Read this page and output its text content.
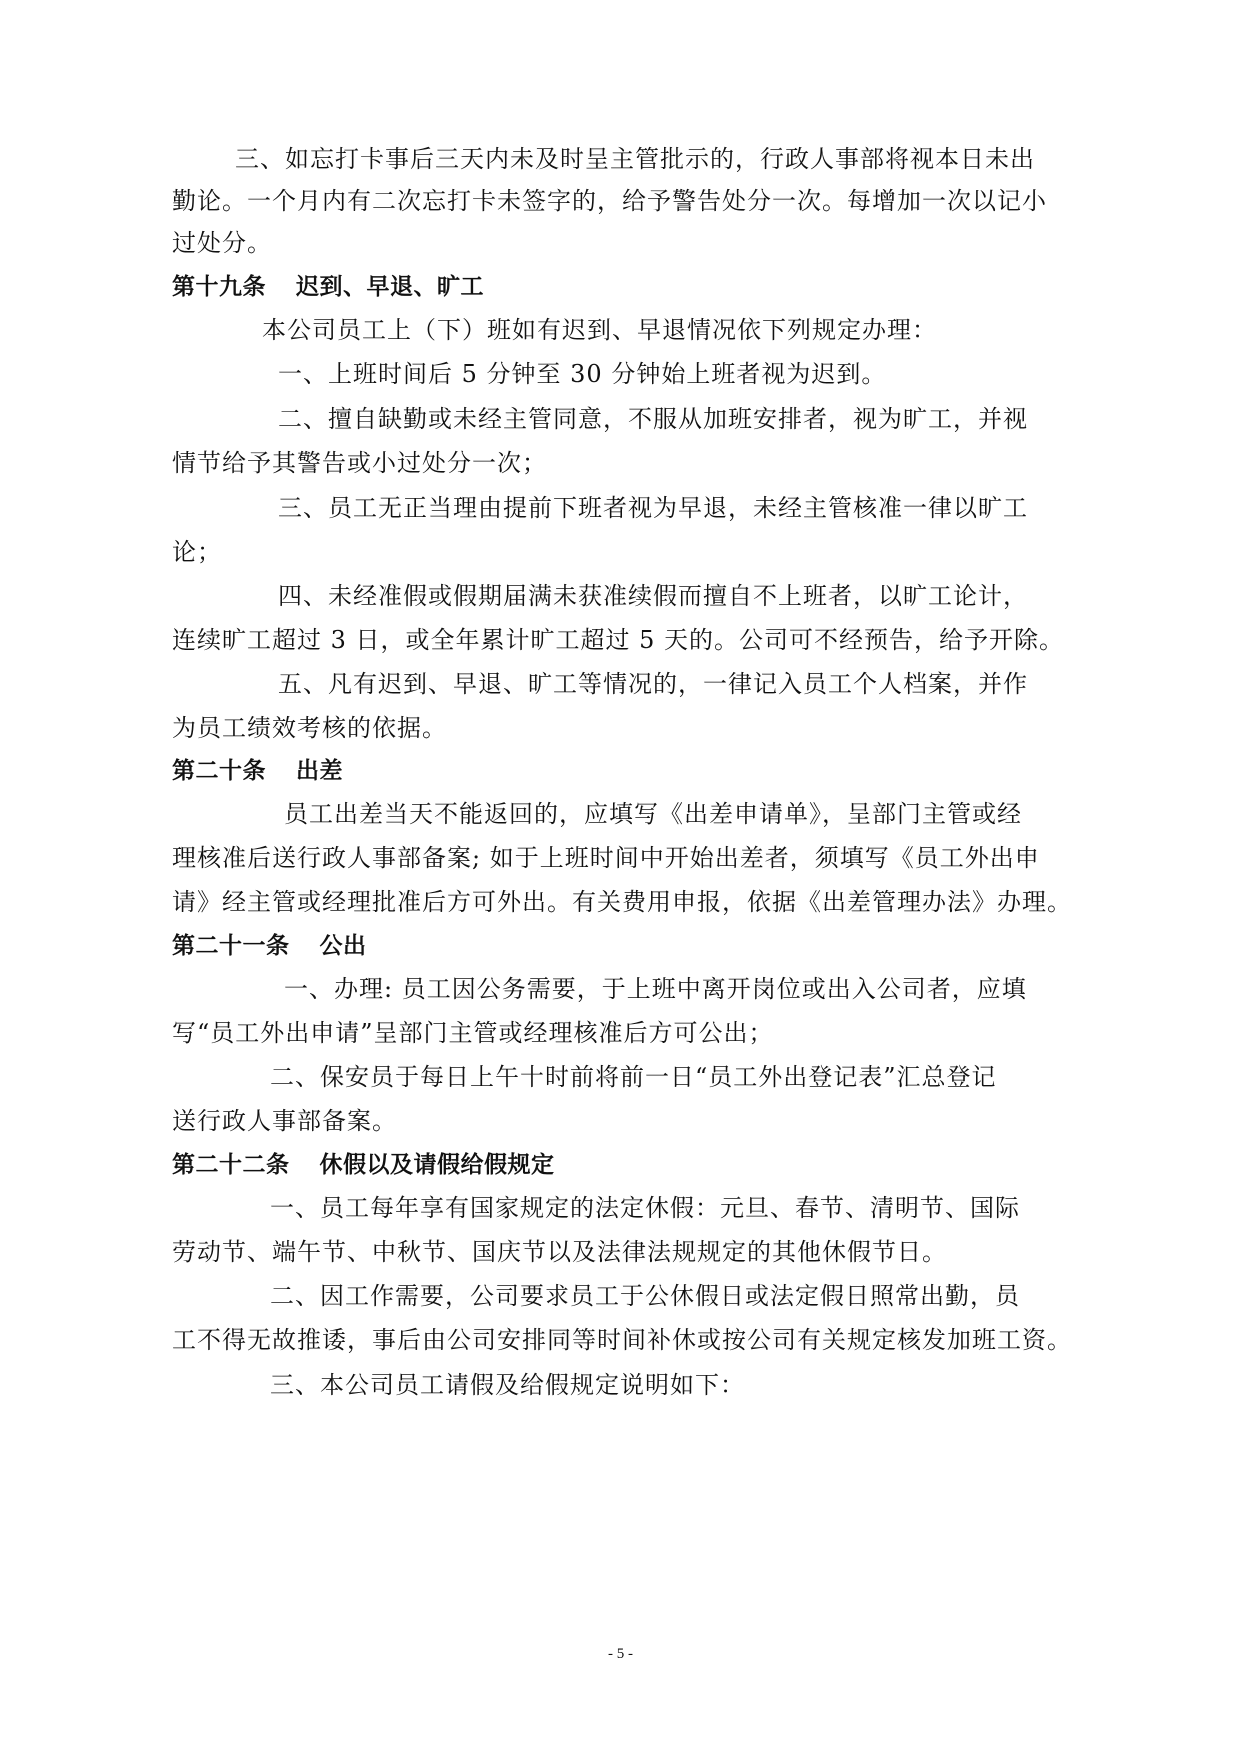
三、如忘打卡事后三天内未及时呈主管批示的，行政人事部将视本日未出
勤论。一个月内有二次忘打卡未签字的，给予警告处分一次。每增加一次以记小
过处分。
第十九条 迟到、早退、旷工
本公司员工上（下）班如有迟到、早退情况依下列规定办理：
一、上班时间后 5 分钟至 30 分钟始上班者视为迟到。
二、擅自缺勤或未经主管同意，不服从加班安排者，视为旷工，并视
情节给予其警告或小过处分一次；
三、员工无正当理由提前下班者视为早退，未经主管核准一律以旷工
论；
四、未经准假或假期届满未获准续假而擅自不上班者，以旷工论计，
连续旷工超过 3 日，或全年累计旷工超过 5 天的。公司可不经预告，给予开除。
五、凡有迟到、早退、旷工等情况的，一律记入员工个人档案，并作
为员工绩效考核的依据。
第二十条 出差
员工出差当天不能返回的，应填写《出差申请单》，呈部门主管或经
理核准后送行政人事部备案; 如于上班时间中开始出差者，须填写《员工外出申
请》经主管或经理批准后方可外出。有关费用申报，依据《出差管理办法》办理。
第二十一条 公出
一、办理: 员工因公务需要，于上班中离开岗位或出入公司者，应填
写“员工外出申请”呈部门主管或经理核准后方可公出；
二、保安员于每日上午十时前将前一日“员工外出登记表”汇总登记
送行政人事部备案。
第二十二条 休假以及请假给假规定
一、员工每年享有国家规定的法定休假：元旦、春节、清明节、国际
劳动节、端午节、中秋节、国庆节以及法律法规规定的其他休假节日。
二、因工作需要，公司要求员工于公休假日或法定假日照常出勤，员
工不得无故推诿，事后由公司安排同等时间补休或按公司有关规定核发加班工资。
三、本公司员工请假及给假规定说明如下：
- 5 -
